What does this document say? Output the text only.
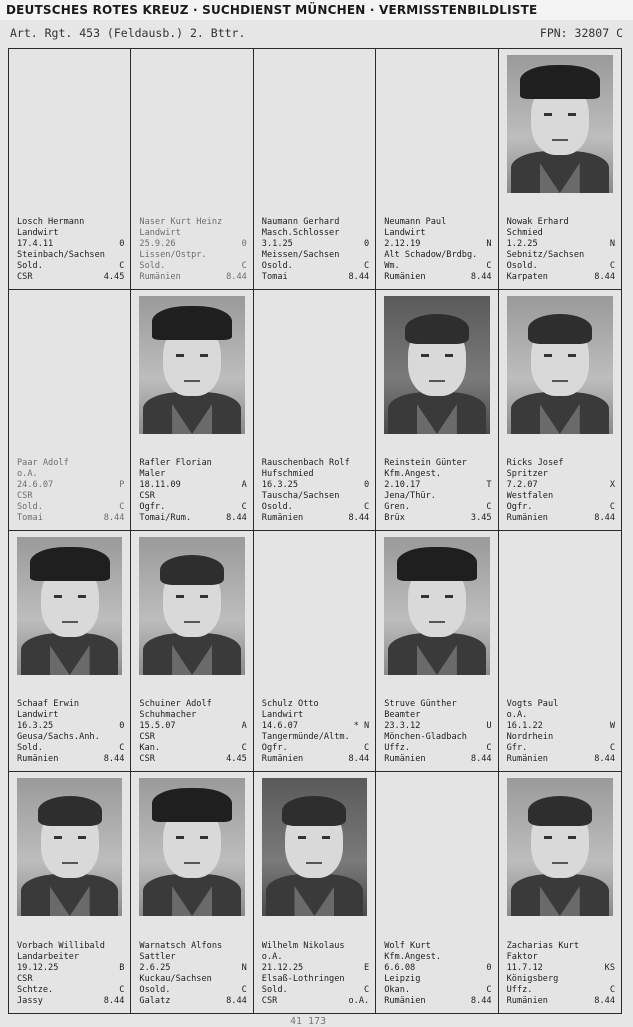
DEUTSCHES ROTES KREUZ · SUCHDIENST MÜNCHEN · VERMISSTENBILDLISTE
Art. Rgt. 453 (Feldausb.) 2. Bttr.	FPN: 32807 C
Losch Hermann
Landwirt
17.4.11	0
Steinbach/Sachsen
Sold.	C
CSR	4.45
Naser Kurt Heinz
Landwirt
25.9.26	0
Lissen/Ostpr.
Sold.	C
Rumänien	8.44
Naumann Gerhard
Masch.Schlosser
3.1.25	0
Meissen/Sachsen
Osold.	C
Tomai	8.44
Neumann Paul
Landwirt
2.12.19	N
Alt Schadow/Brdbg.
Wm.	C
Rumänien	8.44
Nowak Erhard
Schmied
1.2.25	N
Sebnitz/Sachsen
Osold.	C
Karpaten	8.44
Paar Adolf
o.A.
24.6.07	P
CSR
Sold.	C
Tomai	8.44
Rafler Florian
Maler
18.11.09	A
CSR
Ogfr.	C
Tomai/Rum.	8.44
Rauschenbach Rolf
Hufschmied
16.3.25	0
Tauscha/Sachsen
Osold.	C
Rumänien	8.44
Reinstein Günter
Kfm.Angest.
2.10.17	T
Jena/Thür.
Gren.	C
Brüx	3.45
Ricks Josef
Spritzer
7.2.07	X
Westfalen
Ogfr.	C
Rumänien	8.44
Schaaf Erwin
Landwirt
16.3.25	0
Geusa/Sachs.Anh.
Sold.	C
Rumänien	8.44
Schuiner Adolf
Schuhmacher
15.5.07	A
CSR
Kan.	C
CSR	4.45
Schulz Otto
Landwirt
14.6.07	* N
Tangermünde/Altm.
Ogfr.	C
Rumänien	8.44
Struve Günther
Beamter
23.3.12	U
Mönchen-Gladbach
Uffz.	C
Rumänien	8.44
Vogts Paul
o.A.
16.1.22	W
Nordrhein
Gfr.	C
Rumänien	8.44
Vorbach Willibald
Landarbeiter
19.12.25	B
CSR
Schtze.	C
Jassy	8.44
Warnatsch Alfons
Sattler
2.6.25	N
Kuckau/Sachsen
Osold.	C
Galatz	8.44
Wilhelm Nikolaus
o.A.
21.12.25	E
Elsaß-Lothringen
Sold.	C
CSR	o.A.
Wolf Kurt
Kfm.Angest.
6.6.08	0
Leipzig
Okan.	C
Rumänien	8.44
Zacharias Kurt
Faktor
11.7.12	KS
Königsberg
Uffz.	C
Rumänien	8.44
41 173
